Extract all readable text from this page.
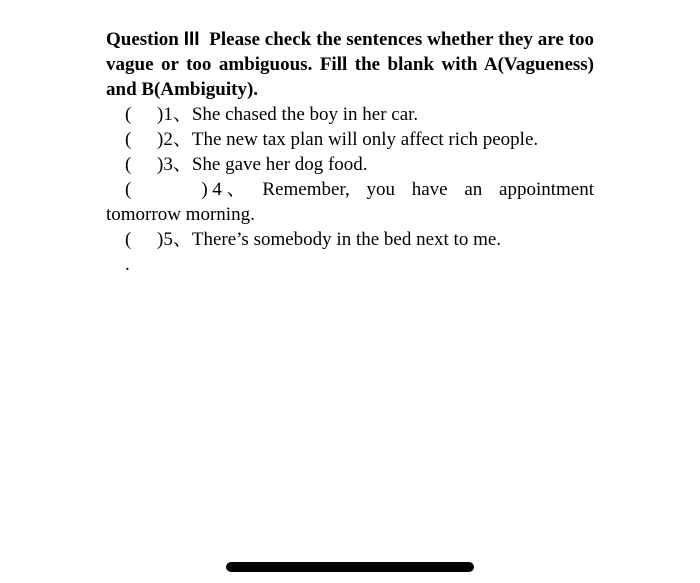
Question III Please check the sentences whether they are too vague or too ambiguous. Fill the blank with A(Vagueness) and B(Ambiguity).

( )1、She chased the boy in her car.
( )2、The new tax plan will only affect rich people.
( )3、She gave her dog food.
(	) 4 、 Remember, you have an appointment
tomorrow morning.
( )5、There’s somebody in the bed next to me.
.
